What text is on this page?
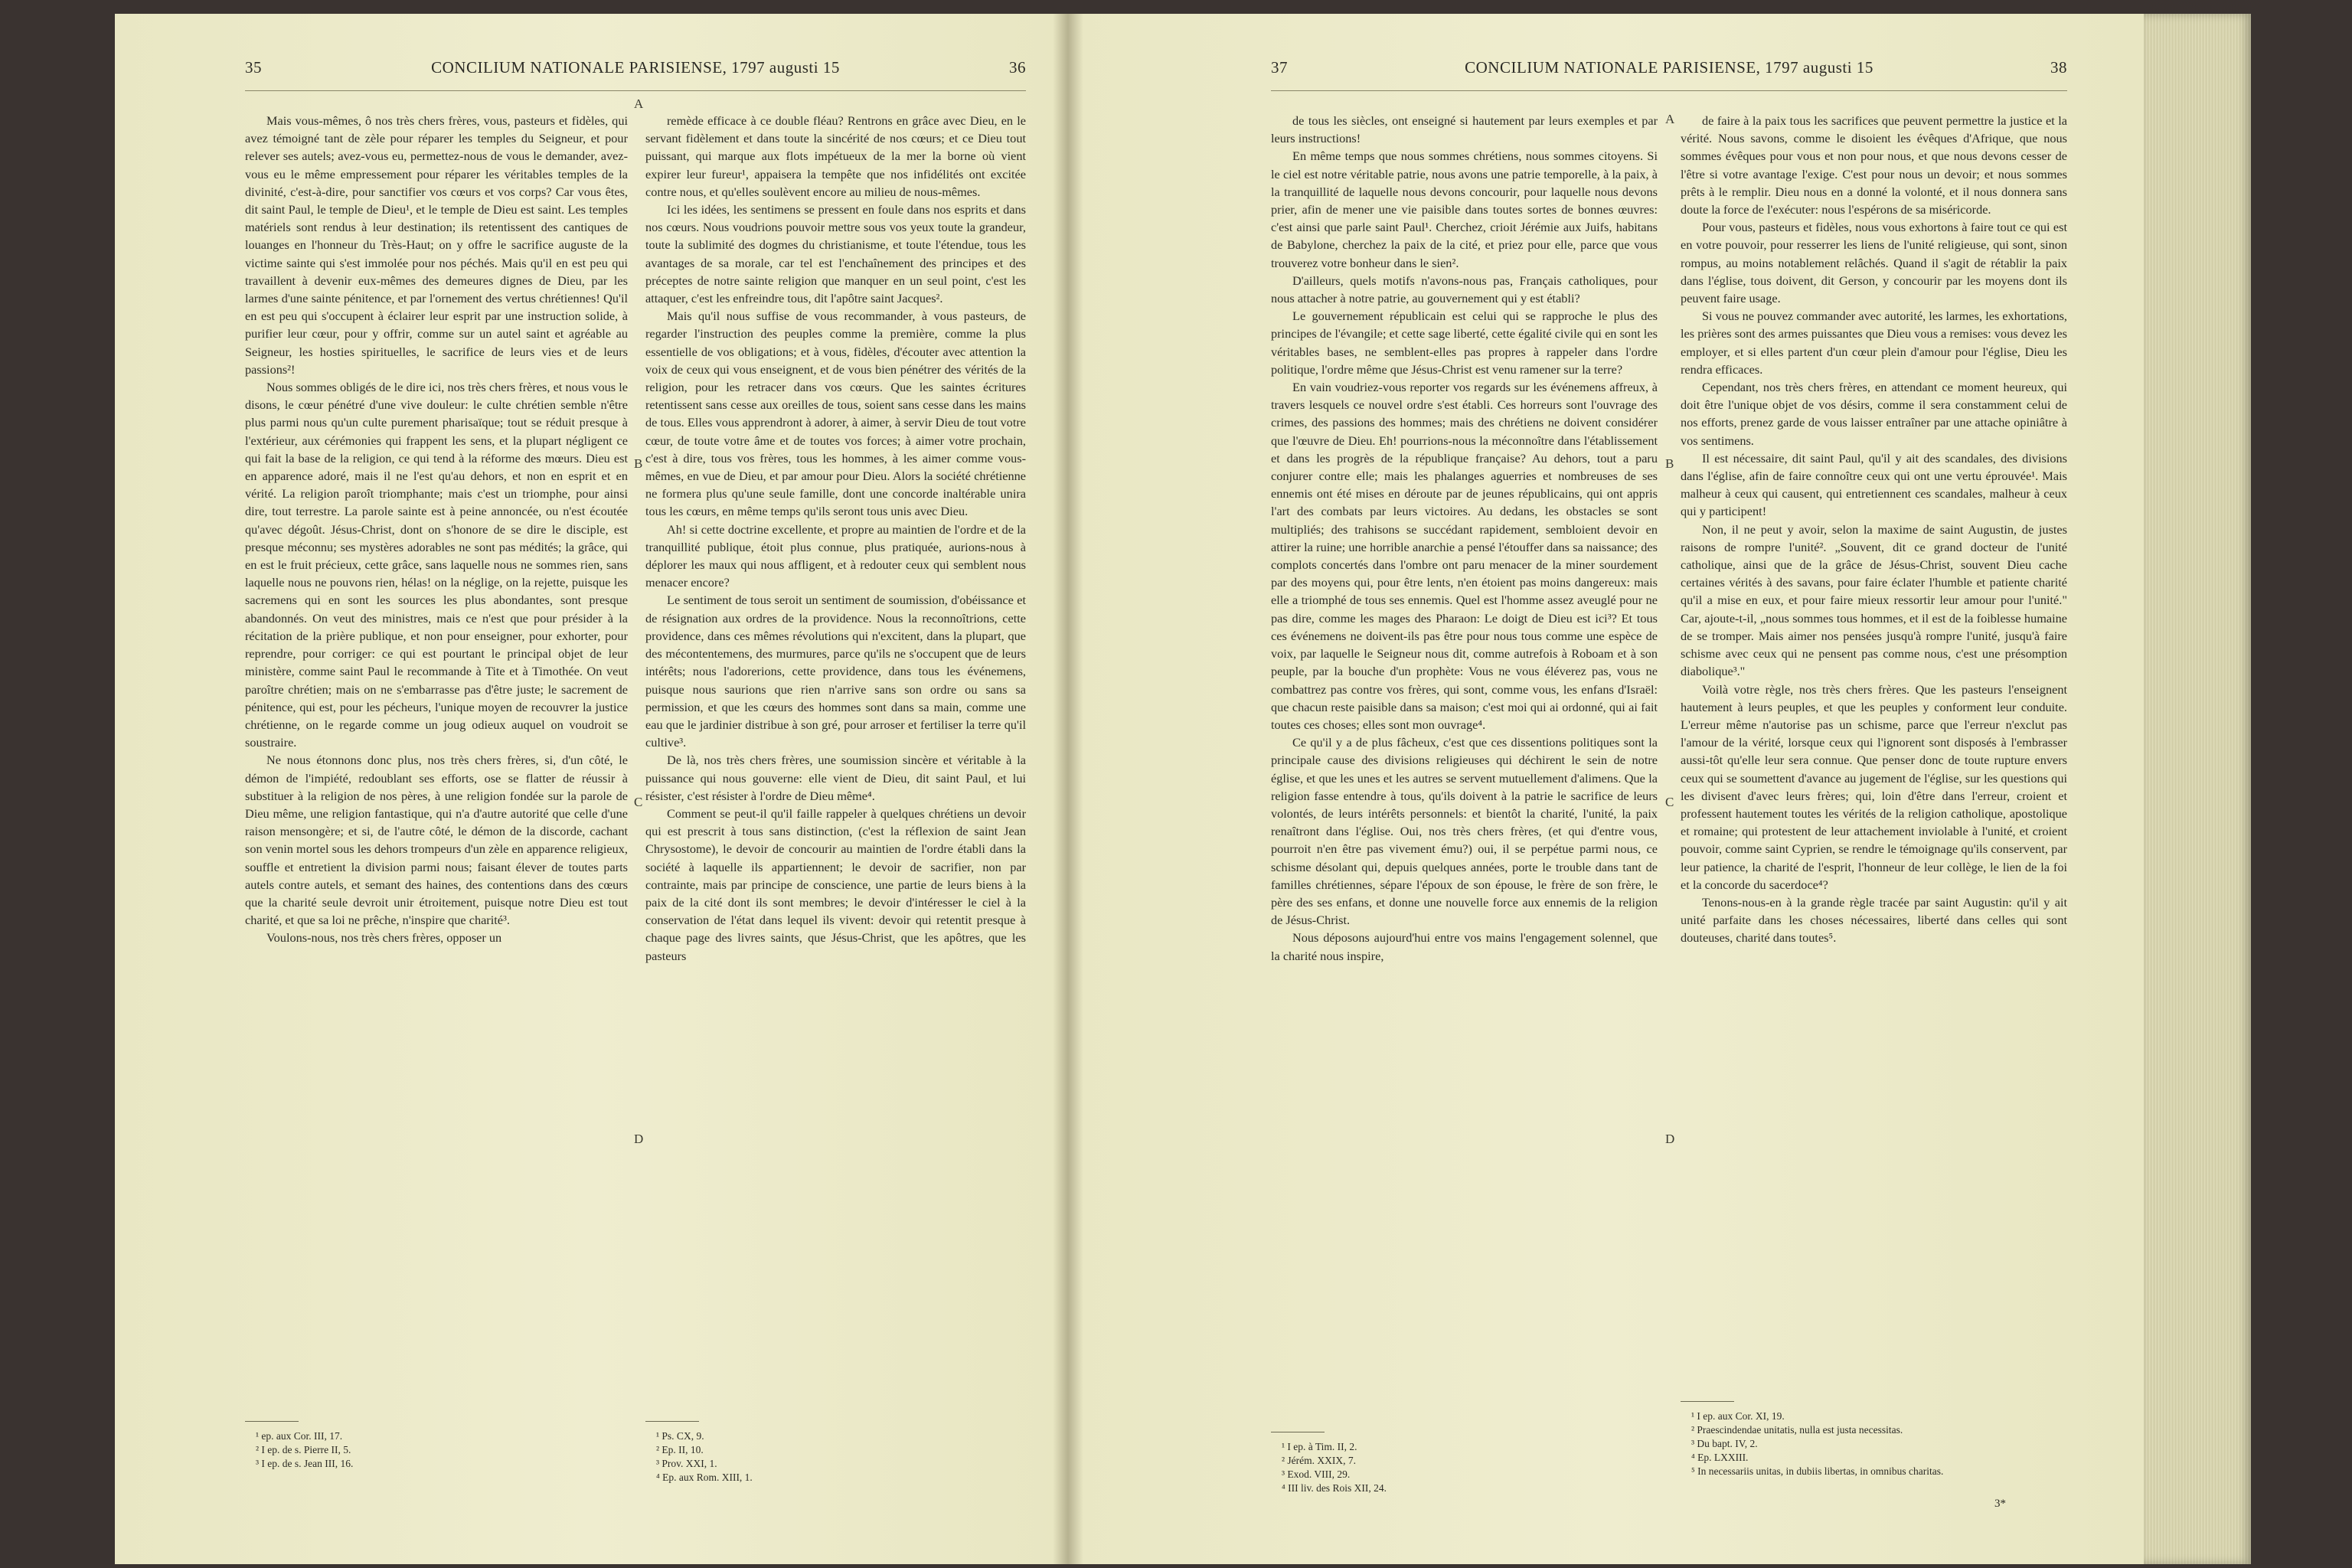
35	CONCILIUM NATIONALE PARISIENSE, 1797 augusti 15	36

Mais vous-mêmes, ô nos très chers frères, vous, pasteurs et fidèles, qui avez témoigné tant de zèle pour réparer les temples du Seigneur, et pour relever ses autels; avez-vous eu, permettez-nous de vous le demander, avez-vous eu le même empressement pour réparer les véritables temples de la divinité, c'est-à-dire, pour sanctifier vos cœurs et vos corps? Car vous êtes, dit saint Paul, le temple de Dieu¹, et le temple de Dieu est saint. Les temples matériels sont rendus à leur destination; ils retentissent des cantiques de louanges en l'honneur du Très-Haut; on y offre le sacrifice auguste de la victime sainte qui s'est immolée pour nos péchés. Mais qu'il en est peu qui travaillent à devenir eux-mêmes des demeures dignes de Dieu, par les larmes d'une sainte pénitence, et par l'ornement des vertus chrétiennes! Qu'il en est peu qui s'occupent à éclairer leur esprit par une instruction solide, à purifier leur cœur, pour y offrir, comme sur un autel saint et agréable au Seigneur, les hosties spirituelles, le sacrifice de leurs vies et de leurs passions²!

Nous sommes obligés de le dire ici, nos très chers frères, et nous vous le disons, le cœur pénétré d'une vive douleur: le culte chrétien semble n'être plus parmi nous qu'un culte purement pharisaïque; tout se réduit presque à l'extérieur, aux cérémonies qui frappent les sens, et la plupart négligent ce qui fait la base de la religion, ce qui tend à la réforme des mœurs. Dieu est en apparence adoré, mais il ne l'est qu'au dehors, et non en esprit et en vérité. La religion paroît triomphante; mais c'est un triomphe, pour ainsi dire, tout terrestre. La parole sainte est à peine annoncée, ou n'est écoutée qu'avec dégoût. Jésus-Christ, dont on s'honore de se dire le disciple, est presque méconnu; ses mystères adorables ne sont pas médités; la grâce, qui en est le fruit précieux, cette grâce, sans laquelle nous ne sommes rien, sans laquelle nous ne pouvons rien, hélas! on la néglige, on la rejette, puisque les sacremens qui en sont les sources les plus abondantes, sont presque abandonnés. On veut des ministres, mais ce n'est que pour présider à la récitation de la prière publique, et non pour enseigner, pour exhorter, pour reprendre, pour corriger: ce qui est pourtant le principal objet de leur ministère, comme saint Paul le recommande à Tite et à Timothée. On veut paroître chrétien; mais on ne s'embarrasse pas d'être juste; le sacrement de pénitence, qui est, pour les pécheurs, l'unique moyen de recouvrer la justice chrétienne, on le regarde comme un joug odieux auquel on voudroit se soustraire.

Ne nous étonnons donc plus, nos très chers frères, si, d'un côté, le démon de l'impiété, redoublant ses efforts, ose se flatter de réussir à substituer à la religion de nos pères, à une religion fondée sur la parole de Dieu même, une religion fantastique, qui n'a d'autre autorité que celle d'une raison mensongère; et si, de l'autre côté, le démon de la discorde, cachant son venin mortel sous les dehors trompeurs d'un zèle en apparence religieux, souffle et entretient la division parmi nous; faisant élever de toutes parts autels contre autels, et semant des haines, des contentions dans des cœurs que la charité seule devroit unir étroitement, puisque notre Dieu est tout charité, et que sa loi ne prêche, n'inspire que charité³.

Voulons-nous, nos très chers frères, opposer un

A
B
C
D

remède efficace à ce double fléau? Rentrons en grâce avec Dieu, en le servant fidèlement et dans toute la sincérité de nos cœurs; et ce Dieu tout puissant, qui marque aux flots impétueux de la mer la borne où vient expirer leur fureur¹, appaisera la tempête que nos infidélités ont excitée contre nous, et qu'elles soulèvent encore au milieu de nous-mêmes.

Ici les idées, les sentimens se pressent en foule dans nos esprits et dans nos cœurs. Nous voudrions pouvoir mettre sous vos yeux toute la grandeur, toute la sublimité des dogmes du christianisme, et toute l'étendue, tous les avantages de sa morale, car tel est l'enchaînement des principes et des préceptes de notre sainte religion que manquer en un seul point, c'est les attaquer, c'est les enfreindre tous, dit l'apôtre saint Jacques².

Mais qu'il nous suffise de vous recommander, à vous pasteurs, de regarder l'instruction des peuples comme la première, comme la plus essentielle de vos obligations; et à vous, fidèles, d'écouter avec attention la voix de ceux qui vous enseignent, et de vous bien pénétrer des vérités de la religion, pour les retracer dans vos cœurs. Que les saintes écritures retentissent sans cesse aux oreilles de tous, soient sans cesse dans les mains de tous. Elles vous apprendront à adorer, à aimer, à servir Dieu de tout votre cœur, de toute votre âme et de toutes vos forces; à aimer votre prochain, c'est à dire, tous vos frères, tous les hommes, à les aimer comme vous-mêmes, en vue de Dieu, et par amour pour Dieu. Alors la société chrétienne ne formera plus qu'une seule famille, dont une concorde inaltérable unira tous les cœurs, en même temps qu'ils seront tous unis avec Dieu.

Ah! si cette doctrine excellente, et propre au maintien de l'ordre et de la tranquillité publique, étoit plus connue, plus pratiquée, aurions-nous à déplorer les maux qui nous affligent, et à redouter ceux qui semblent nous menacer encore?

Le sentiment de tous seroit un sentiment de soumission, d'obéissance et de résignation aux ordres de la providence. Nous la reconnoîtrions, cette providence, dans ces mêmes révolutions qui n'excitent, dans la plupart, que des mécontentemens, des murmures, parce qu'ils ne s'occupent que de leurs intérêts; nous l'adorerions, cette providence, dans tous les événemens, puisque nous saurions que rien n'arrive sans son ordre ou sans sa permission, et que les cœurs des hommes sont dans sa main, comme une eau que le jardinier distribue à son gré, pour arroser et fertiliser la terre qu'il cultive³.

De là, nos très chers frères, une soumission sincère et véritable à la puissance qui nous gouverne: elle vient de Dieu, dit saint Paul, et lui résister, c'est résister à l'ordre de Dieu même⁴.

Comment se peut-il qu'il faille rappeler à quelques chrétiens un devoir qui est prescrit à tous sans distinction, (c'est la réflexion de saint Jean Chrysostome), le devoir de concourir au maintien de l'ordre établi dans la société à laquelle ils appartiennent; le devoir de sacrifier, non par contrainte, mais par principe de conscience, une partie de leurs biens à la paix de la cité dont ils sont membres; le devoir d'intéresser le ciel à la conservation de l'état dans lequel ils vivent: devoir qui retentit presque à chaque page des livres saints, que Jésus-Christ, que les apôtres, que les pasteurs

¹ ep. aux Cor. III, 17.
² I ep. de s. Pierre II, 5.
³ I ep. de s. Jean III, 16.
¹ Ps. CX, 9.
² Ep. II, 10.
³ Prov. XXI, 1.
⁴ Ep. aux Rom. XIII, 1.
37	CONCILIUM NATIONALE PARISIENSE, 1797 augusti 15	38

de tous les siècles, ont enseigné si hautement par leurs exemples et par leurs instructions!

En même temps que nous sommes chrétiens, nous sommes citoyens. Si le ciel est notre véritable patrie, nous avons une patrie temporelle, à la paix, à la tranquillité de laquelle nous devons concourir, pour laquelle nous devons prier, afin de mener une vie paisible dans toutes sortes de bonnes œuvres: c'est ainsi que parle saint Paul¹. Cherchez, crioit Jérémie aux Juifs, habitans de Babylone, cherchez la paix de la cité, et priez pour elle, parce que vous trouverez votre bonheur dans le sien².

D'ailleurs, quels motifs n'avons-nous pas, Français catholiques, pour nous attacher à notre patrie, au gouvernement qui y est établi?

Le gouvernement républicain est celui qui se rapproche le plus des principes de l'évangile; et cette sage liberté, cette égalité civile qui en sont les véritables bases, ne semblent-elles pas propres à rappeler dans l'ordre politique, l'ordre même que Jésus-Christ est venu ramener sur la terre?

En vain voudriez-vous reporter vos regards sur les événemens affreux, à travers lesquels ce nouvel ordre s'est établi. Ces horreurs sont l'ouvrage des crimes, des passions des hommes; mais des chrétiens ne doivent considérer que l'œuvre de Dieu. Eh! pourrions-nous la méconnoître dans l'établissement et dans les progrès de la république française? Au dehors, tout a paru conjurer contre elle; mais les phalanges aguerries et nombreuses de ses ennemis ont été mises en déroute par de jeunes républicains, qui ont appris l'art des combats par leurs victoires. Au dedans, les obstacles se sont multipliés; des trahisons se succédant rapidement, sembloient devoir en attirer la ruine; une horrible anarchie a pensé l'étouffer dans sa naissance; des complots concertés dans l'ombre ont paru menacer de la miner sourdement par des moyens qui, pour être lents, n'en étoient pas moins dangereux: mais elle a triomphé de tous ses ennemis. Quel est l'homme assez aveuglé pour ne pas dire, comme les mages des Pharaon: Le doigt de Dieu est ici³? Et tous ces événemens ne doivent-ils pas être pour nous tous comme une espèce de voix, par laquelle le Seigneur nous dit, comme autrefois à Roboam et à son peuple, par la bouche d'un prophète: Vous ne vous éléverez pas, vous ne combattrez pas contre vos frères, qui sont, comme vous, les enfans d'Israël: que chacun reste paisible dans sa maison; c'est moi qui ai ordonné, qui ai fait toutes ces choses; elles sont mon ouvrage⁴.

Ce qu'il y a de plus fâcheux, c'est que ces dissentions politiques sont la principale cause des divisions religieuses qui déchirent le sein de notre église, et que les unes et les autres se servent mutuellement d'alimens. Que la religion fasse entendre à tous, qu'ils doivent à la patrie le sacrifice de leurs volontés, de leurs intérêts personnels: et bientôt la charité, l'unité, la paix renaîtront dans l'église. Oui, nos très chers frères, (et qui d'entre vous, pourroit n'en être pas vivement ému?) oui, il se perpétue parmi nous, ce schisme désolant qui, depuis quelques années, porte le trouble dans tant de familles chrétiennes, sépare l'époux de son épouse, le frère de son frère, le père des ses enfans, et donne une nouvelle force aux ennemis de la religion de Jésus-Christ.

Nous déposons aujourd'hui entre vos mains l'engagement solennel, que la charité nous inspire,

A
B
C
D

de faire à la paix tous les sacrifices que peuvent permettre la justice et la vérité. Nous savons, comme le disoient les évêques d'Afrique, que nous sommes évêques pour vous et non pour nous, et que nous devons cesser de l'être si votre avantage l'exige. C'est pour nous un devoir; et nous sommes prêts à le remplir. Dieu nous en a donné la volonté, et il nous donnera sans doute la force de l'exécuter: nous l'espérons de sa miséricorde.

Pour vous, pasteurs et fidèles, nous vous exhortons à faire tout ce qui est en votre pouvoir, pour resserrer les liens de l'unité religieuse, qui sont, sinon rompus, au moins notablement relâchés. Quand il s'agit de rétablir la paix dans l'église, tous doivent, dit Gerson, y concourir par les moyens dont ils peuvent faire usage.

Si vous ne pouvez commander avec autorité, les larmes, les exhortations, les prières sont des armes puissantes que Dieu vous a remises: vous devez les employer, et si elles partent d'un cœur plein d'amour pour l'église, Dieu les rendra efficaces.

Cependant, nos très chers frères, en attendant ce moment heureux, qui doit être l'unique objet de vos désirs, comme il sera constamment celui de nos efforts, prenez garde de vous laisser entraîner par une attache opiniâtre à vos sentimens.

Il est nécessaire, dit saint Paul, qu'il y ait des scandales, des divisions dans l'église, afin de faire connoître ceux qui ont une vertu éprouvée¹. Mais malheur à ceux qui causent, qui entretiennent ces scandales, malheur à ceux qui y participent!

Non, il ne peut y avoir, selon la maxime de saint Augustin, de justes raisons de rompre l'unité². „Souvent, dit ce grand docteur de l'unité catholique, ainsi que de la grâce de Jésus-Christ, souvent Dieu cache certaines vérités à des savans, pour faire éclater l'humble et patiente charité qu'il a mise en eux, et pour faire mieux ressortir leur amour pour l'unité." Car, ajoute-t-il, „nous sommes tous hommes, et il est de la foiblesse humaine de se tromper. Mais aimer nos pensées jusqu'à rompre l'unité, jusqu'à faire schisme avec ceux qui ne pensent pas comme nous, c'est une présomption diabolique³."

Voilà votre règle, nos très chers frères. Que les pasteurs l'enseignent hautement à leurs peuples, et que les peuples y conforment leur conduite. L'erreur même n'autorise pas un schisme, parce que l'erreur n'exclut pas l'amour de la vérité, lorsque ceux qui l'ignorent sont disposés à l'embrasser aussi-tôt qu'elle leur sera connue. Que penser donc de toute rupture envers ceux qui se soumettent d'avance au jugement de l'église, sur les questions qui les divisent d'avec leurs frères; qui, loin d'être dans l'erreur, croient et professent hautement toutes les vérités de la religion catholique, apostolique et romaine; qui protestent de leur attachement inviolable à l'unité, et croient pouvoir, comme saint Cyprien, se rendre le témoignage qu'ils conservent, par leur patience, la charité de l'esprit, l'honneur de leur collège, le lien de la foi et la concorde du sacerdoce⁴?

Tenons-nous-en à la grande règle tracée par saint Augustin: qu'il y ait unité parfaite dans les choses nécessaires, liberté dans celles qui sont douteuses, charité dans toutes⁵.

¹ I ep. à Tim. II, 2.
² Jérém. XXIX, 7.
³ Exod. VIII, 29.
⁴ III liv. des Rois XII, 24.
¹ I ep. aux Cor. XI, 19.
² Praescindendae unitatis, nulla est justa necessitas.
³ Du bapt. IV, 2.
⁴ Ep. LXXIII.
⁵ In necessariis unitas, in dubiis libertas, in omnibus charitas.
3*
